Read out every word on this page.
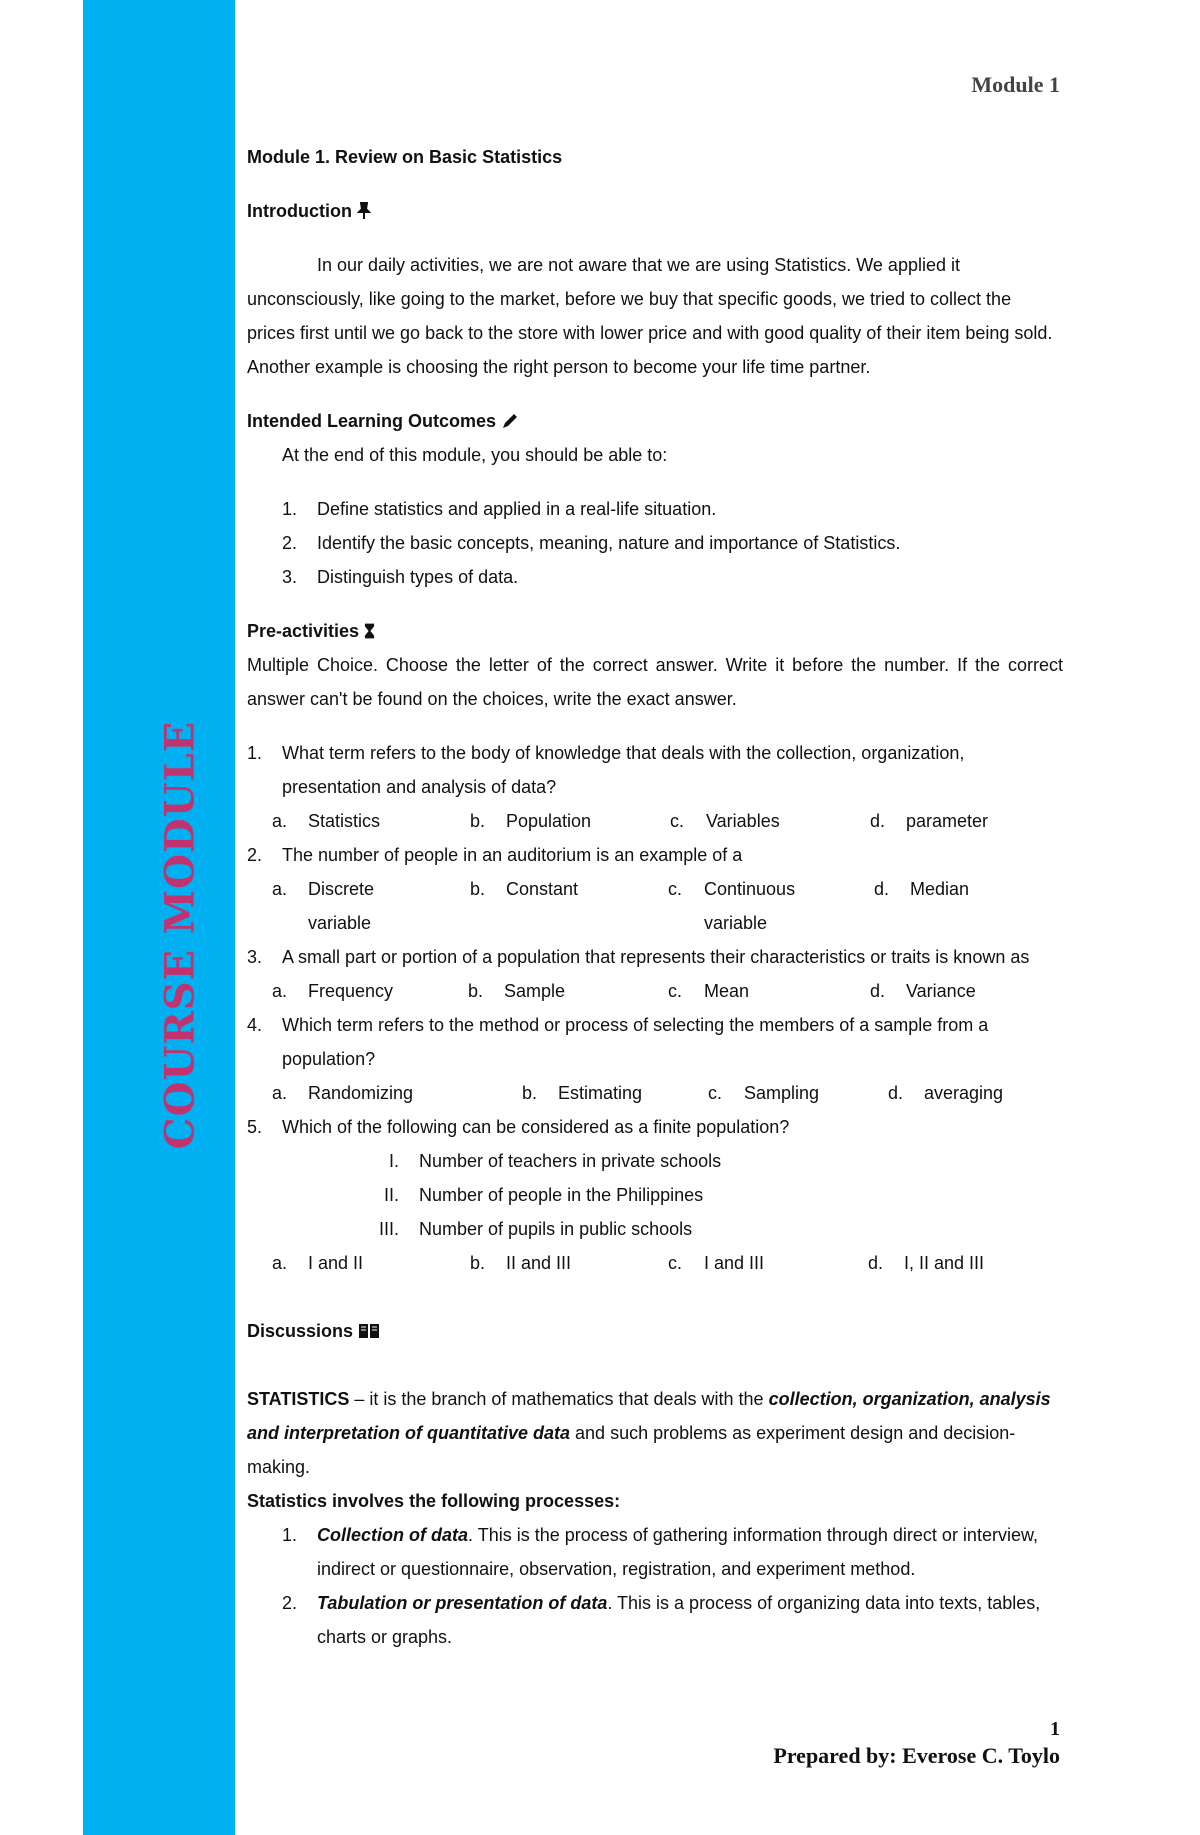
COURSE MODULE
Module 1

Module 1. Review on Basic Statistics

Introduction

In our daily activities, we are not aware that we are using Statistics. We applied it unconsciously, like going to the market, before we buy that specific goods, we tried to collect the prices first until we go back to the store with lower price and with good quality of their item being sold. Another example is choosing the right person to become your life time partner.

Intended Learning Outcomes

At the end of this module, you should be able to:

1.	Define statistics and applied in a real-life situation.
2.	Identify the basic concepts, meaning, nature and importance of Statistics.
3.	Distinguish types of data.

Pre-activities

Multiple Choice. Choose the letter of the correct answer. Write it before the number. If the correct answer can't be found on the choices, write the exact answer.

1.	What term refers to the body of knowledge that deals with the collection, organization, presentation and analysis of data?
a.	Statistics	b.	Population	c.	Variables	d.	parameter
2.	The number of people in an auditorium is an example of a
a.	Discrete variable
b.	Constant	c.	Continuous variable
d.	Median
3.	A small part or portion of a population that represents their characteristics or traits is known as
a.	Frequency	b.	Sample	c.	Mean	d.	Variance
4.	Which term refers to the method or process of selecting the members of a sample from a population?
a.	Randomizing	b.	Estimating	c.	Sampling	d.	averaging
5.	Which of the following can be considered as a finite population?
I.	Number of teachers in private schools
II.	Number of people in the Philippines
III.	Number of pupils in public schools
a.	I and II	b.	II and III	c.	I and III	d.	I, II and III

Discussions

STATISTICS – it is the branch of mathematics that deals with the collection, organization, analysis and interpretation of quantitative data and such problems as experiment design and decision-making.

Statistics involves the following processes:

1.	Collection of data. This is the process of gathering information through direct or interview, indirect or questionnaire, observation, registration, and experiment method.
2.	Tabulation or presentation of data. This is a process of organizing data into texts, tables, charts or graphs.
1
Prepared by: Everose C. Toylo
